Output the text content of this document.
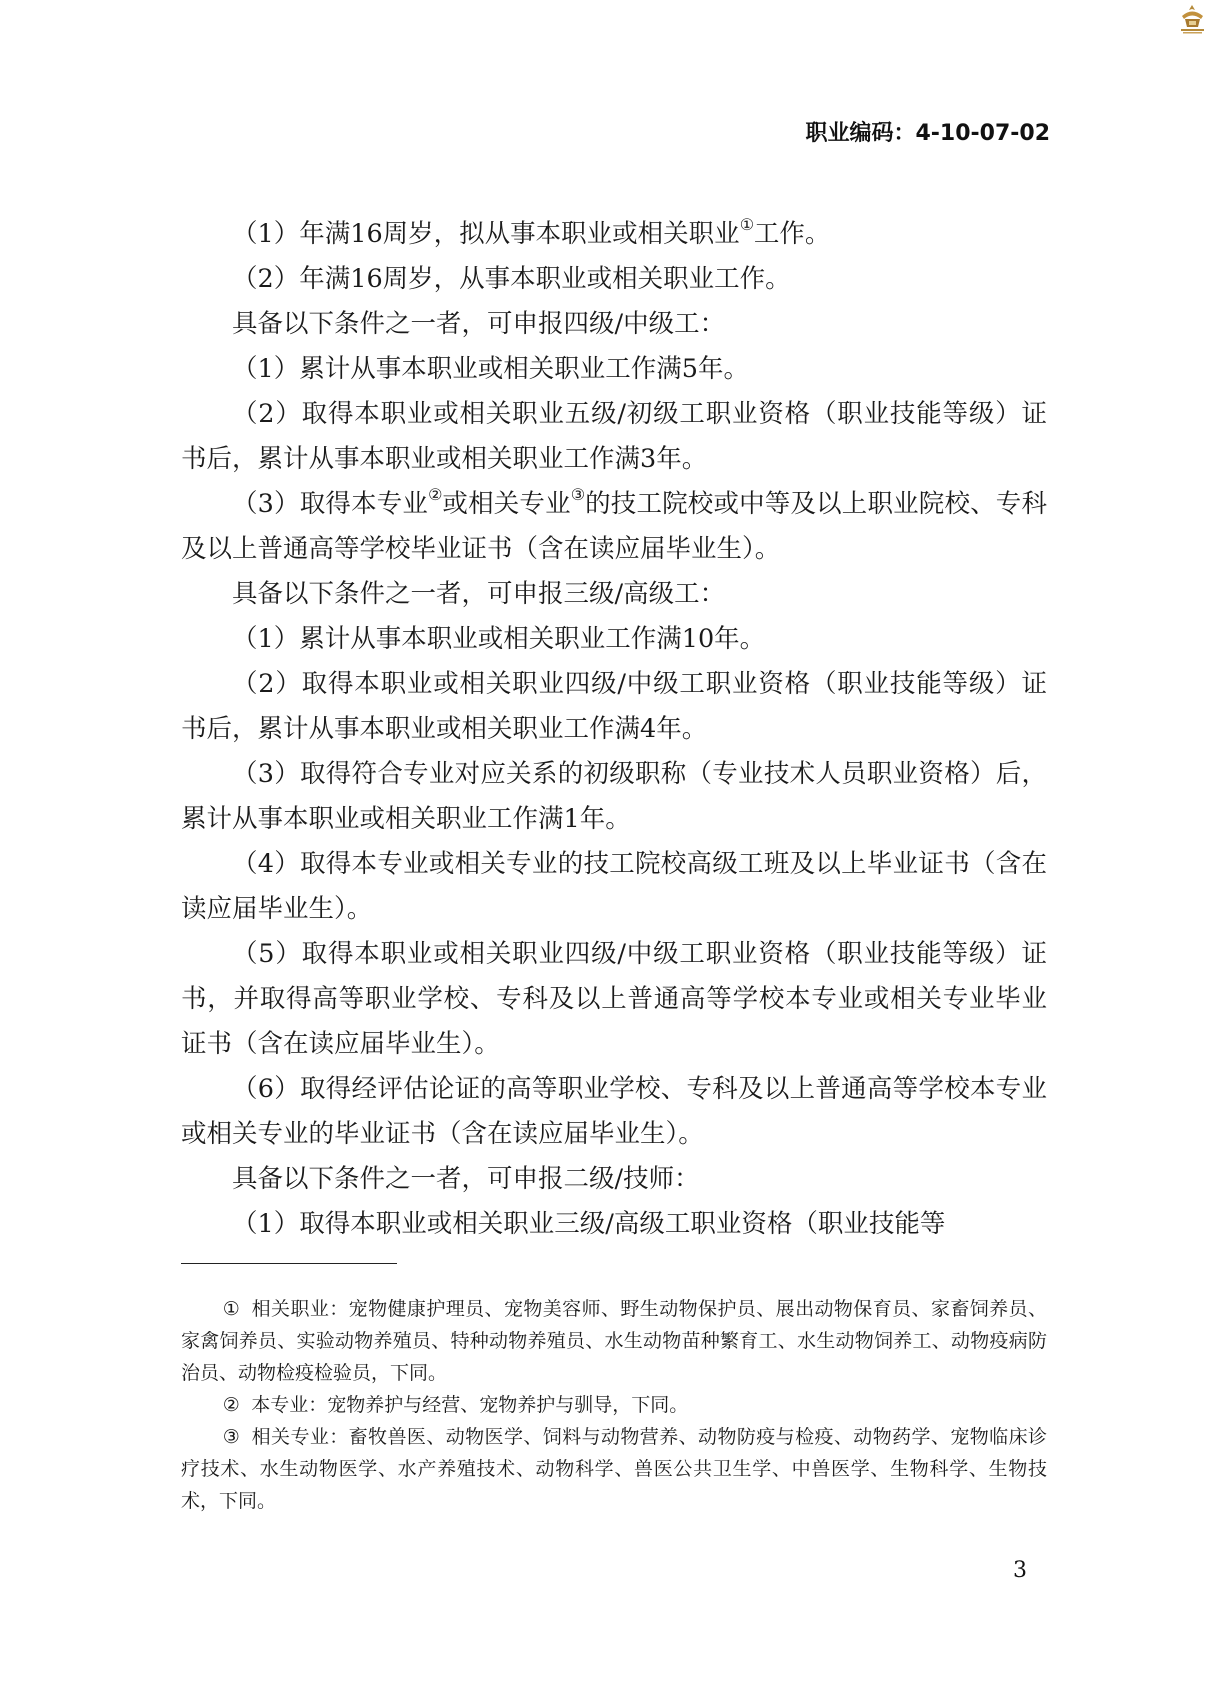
职业编码：4-10-07-02

（1）年满16周岁，拟从事本职业或相关职业①工作。

（2）年满16周岁，从事本职业或相关职业工作。

具备以下条件之一者，可申报四级/中级工：

（1）累计从事本职业或相关职业工作满5年。

（2）取得本职业或相关职业五级/初级工职业资格（职业技能等级）证书后，累计从事本职业或相关职业工作满3年。

（3）取得本专业②或相关专业③的技工院校或中等及以上职业院校、专科及以上普通高等学校毕业证书（含在读应届毕业生）。

具备以下条件之一者，可申报三级/高级工：

（1）累计从事本职业或相关职业工作满10年。

（2）取得本职业或相关职业四级/中级工职业资格（职业技能等级）证书后，累计从事本职业或相关职业工作满4年。

（3）取得符合专业对应关系的初级职称（专业技术人员职业资格）后，累计从事本职业或相关职业工作满1年。

（4）取得本专业或相关专业的技工院校高级工班及以上毕业证书（含在读应届毕业生）。

（5）取得本职业或相关职业四级/中级工职业资格（职业技能等级）证书，并取得高等职业学校、专科及以上普通高等学校本专业或相关专业毕业证书（含在读应届毕业生）。

（6）取得经评估论证的高等职业学校、专科及以上普通高等学校本专业或相关专业的毕业证书（含在读应届毕业生）。

具备以下条件之一者，可申报二级/技师：

（1）取得本职业或相关职业三级/高级工职业资格（职业技能等

① 相关职业：宠物健康护理员、宠物美容师、野生动物保护员、展出动物保育员、家畜饲养员、家禽饲养员、实验动物养殖员、特种动物养殖员、水生动物苗种繁育工、水生动物饲养工、动物疫病防治员、动物检疫检验员，下同。

② 本专业：宠物养护与经营、宠物养护与驯导，下同。

③ 相关专业：畜牧兽医、动物医学、饲料与动物营养、动物防疫与检疫、动物药学、宠物临床诊疗技术、水生动物医学、水产养殖技术、动物科学、兽医公共卫生学、中兽医学、生物科学、生物技术，下同。

3
